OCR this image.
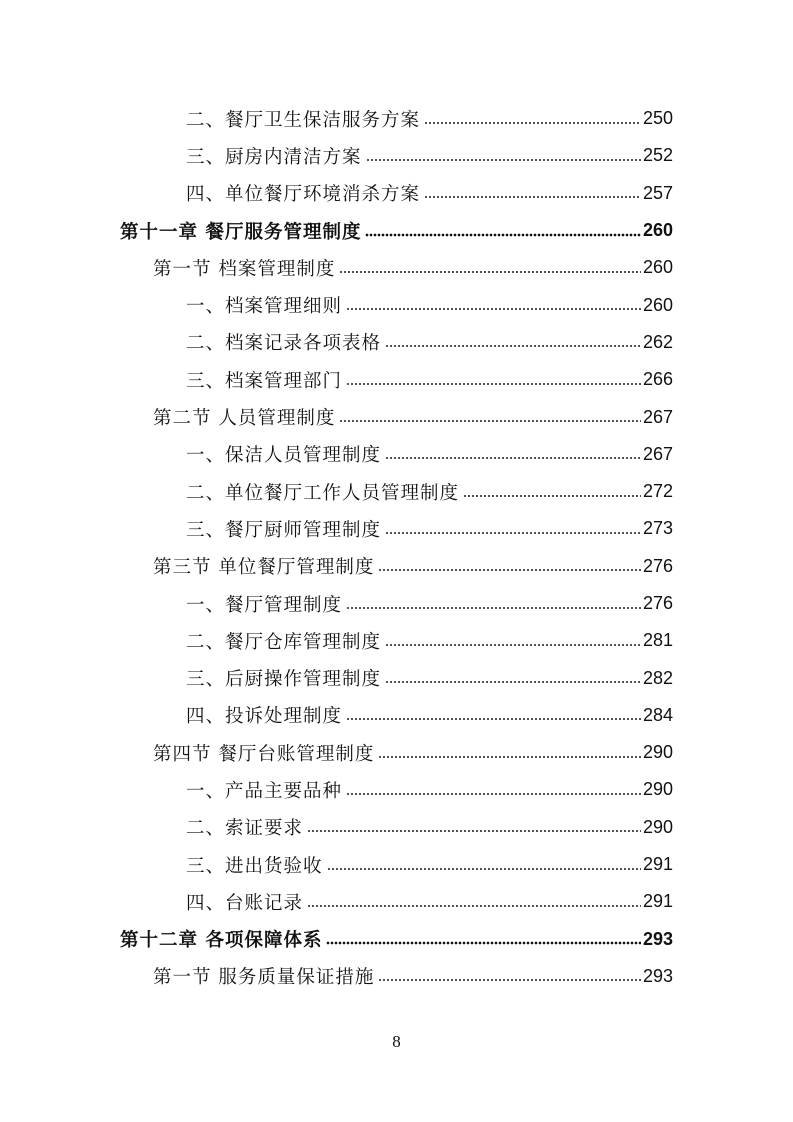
二、餐厅卫生保洁服务方案	250
三、厨房内清洁方案	252
四、单位餐厅环境消杀方案	257
第十一章 餐厅服务管理制度	260
第一节 档案管理制度	260
一、档案管理细则	260
二、档案记录各项表格	262
三、档案管理部门	266
第二节 人员管理制度	267
一、保洁人员管理制度	267
二、单位餐厅工作人员管理制度	272
三、餐厅厨师管理制度	273
第三节 单位餐厅管理制度	276
一、餐厅管理制度	276
二、餐厅仓库管理制度	281
三、后厨操作管理制度	282
四、投诉处理制度	284
第四节 餐厅台账管理制度	290
一、产品主要品种	290
二、索证要求	290
三、进出货验收	291
四、台账记录	291
第十二章 各项保障体系	293
第一节 服务质量保证措施	293
8
